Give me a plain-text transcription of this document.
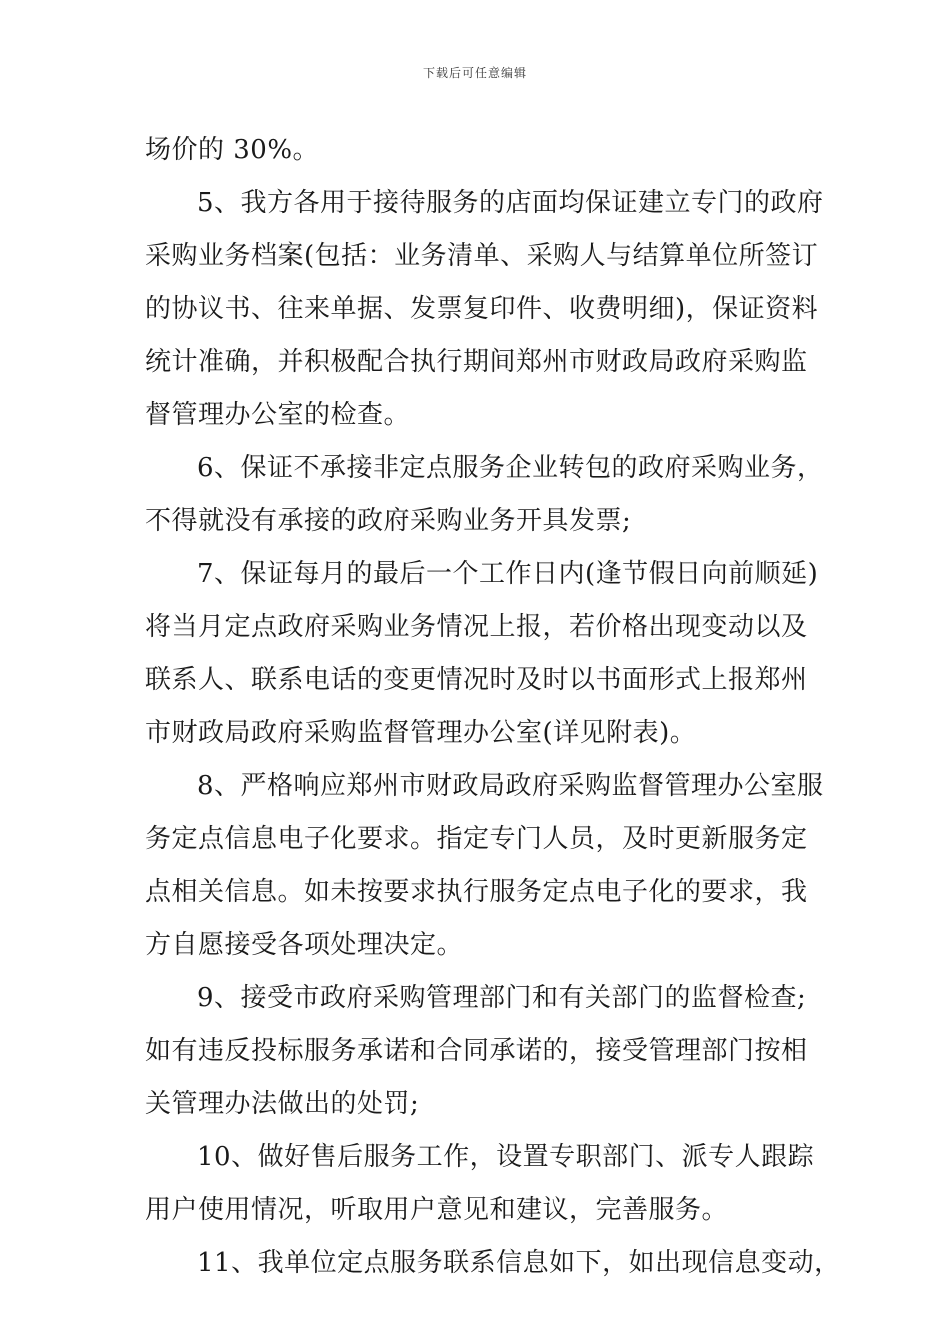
下载后可任意编辑
场价的 30%。
5、我方各用于接待服务的店面均保证建立专门的政府
采购业务档案(包括：业务清单、采购人与结算单位所签订
的协议书、往来单据、发票复印件、收费明细)，保证资料
统计准确，并积极配合执行期间郑州市财政局政府采购监
督管理办公室的检查。
6、保证不承接非定点服务企业转包的政府采购业务，
不得就没有承接的政府采购业务开具发票;
7、保证每月的最后一个工作日内(逢节假日向前顺延)
将当月定点政府采购业务情况上报，若价格出现变动以及
联系人、联系电话的变更情况时及时以书面形式上报郑州
市财政局政府采购监督管理办公室(详见附表)。
8、严格响应郑州市财政局政府采购监督管理办公室服
务定点信息电子化要求。指定专门人员，及时更新服务定
点相关信息。如未按要求执行服务定点电子化的要求，我
方自愿接受各项处理决定。
9、接受市政府采购管理部门和有关部门的监督检查;
如有违反投标服务承诺和合同承诺的，接受管理部门按相
关管理办法做出的处罚;
10、做好售后服务工作，设置专职部门、派专人跟踪
用户使用情况，听取用户意见和建议，完善服务。
11、我单位定点服务联系信息如下，如出现信息变动，
